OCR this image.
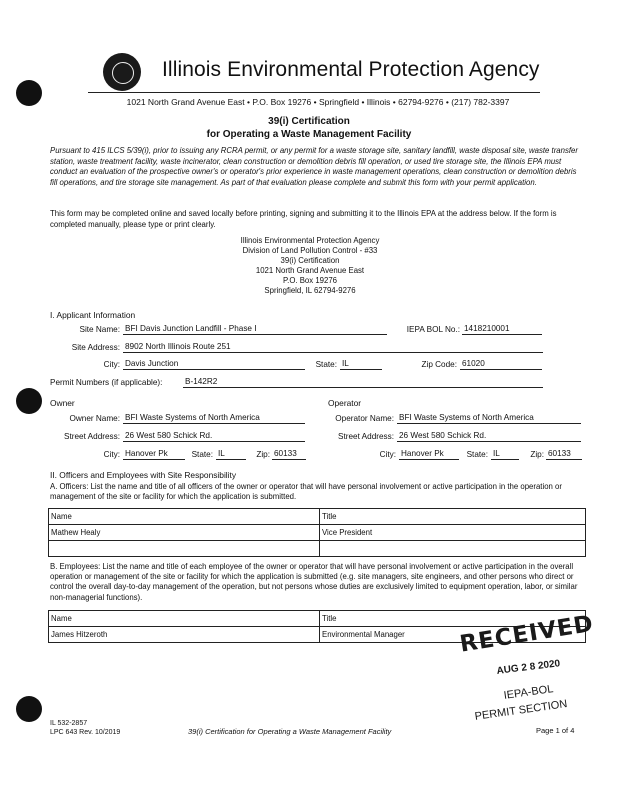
Illinois Environmental Protection Agency
1021 North Grand Avenue East • P.O. Box 19276 • Springfield • Illinois • 62794-9276 • (217) 782-3397
39(i) Certification
for Operating a Waste Management Facility
Pursuant to 415 ILCS 5/39(i), prior to issuing any RCRA permit, or any permit for a waste storage site, sanitary landfill, waste disposal site, waste transfer station, waste treatment facility, waste incinerator, clean construction or demolition debris fill operation, or used tire storage site, the Illinois EPA must conduct an evaluation of the prospective owner's or operator's prior experience in waste management operations, clean construction or demolition debris fill operations, and tire storage site management. As part of that evaluation please complete and submit this form with your permit application.
This form may be completed online and saved locally before printing, signing and submitting it to the Illinois EPA at the address below. If the form is completed manually, please type or print clearly.
Illinois Environmental Protection Agency
Division of Land Pollution Control - #33
39(i) Certification
1021 North Grand Avenue East
P.O. Box 19276
Springfield, IL 62794-9276
I. Applicant Information
Site Name: BFI Davis Junction Landfill - Phase I	IEPA BOL No.: 1418210001
Site Address: 8902 North Illinois Route 251
City: Davis Junction	State: IL	Zip Code: 61020
Permit Numbers (if applicable):	B-142R2
Owner	Operator
Owner Name: BFI Waste Systems of North America	Operator Name: BFI Waste Systems of North America
Street Address: 26 West 580 Schick Rd.	Street Address: 26 West 580 Schick Rd.
City: Hanover Pk	State: IL	Zip: 60133	City: Hanover Pk	State: IL	Zip: 60133
II. Officers and Employees with Site Responsibility
A. Officers: List the name and title of all officers of the owner or operator that will have personal involvement or active participation in the operation or management of the site or facility for which the application is submitted.
Name	Title
Mathew Healy	Vice President

B. Employees: List the name and title of each employee of the owner or operator that will have personal involvement or active participation in the overall operation or management of the site or facility for which the application is submitted (e.g. site managers, site engineers, and other persons who direct or control the overall day-to-day management of the operation, but not persons whose duties are exclusively limited to equipment operation, labor, or similar non-managerial functions).
Name	Title
James Hitzeroth	Environmental Manager RECEIVED
AUG 2 8 2020
IEPA-BOL
PERMIT SECTION
IL 532-2857
LPC 643 Rev. 10/2019	39(i) Certification for Operating a Waste Management Facility	Page 1 of 4
